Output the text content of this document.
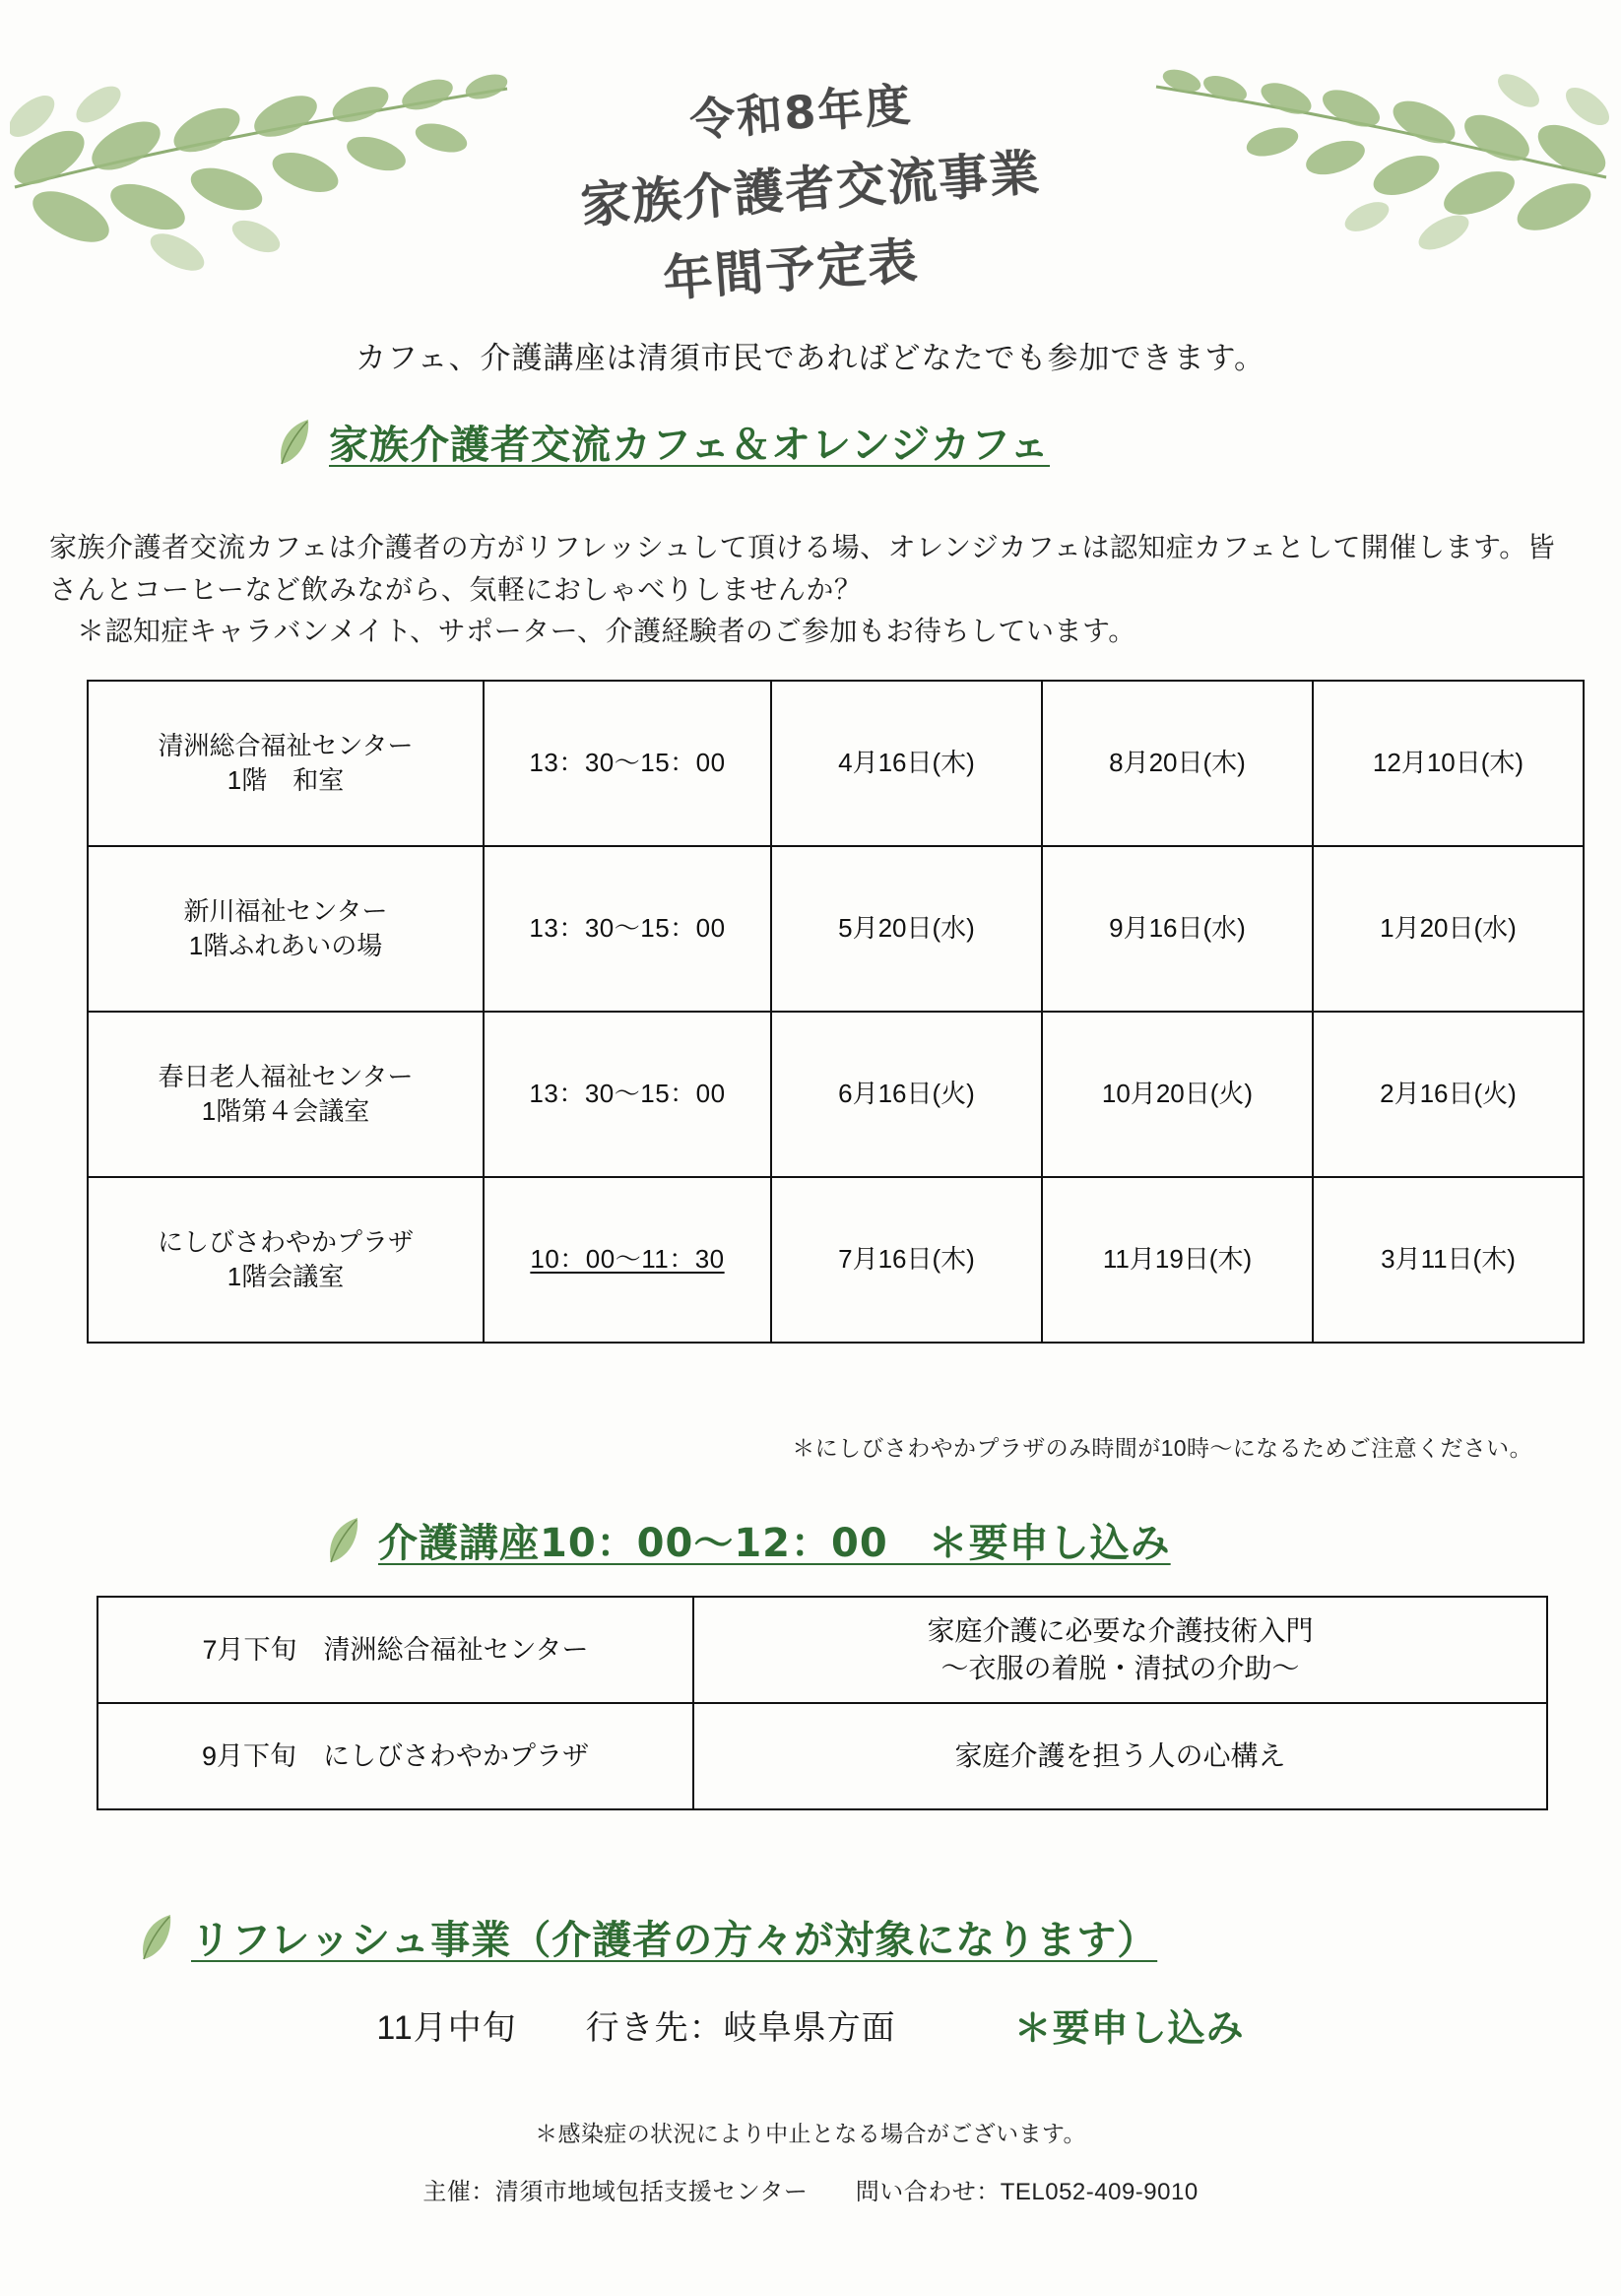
令和8年度
家族介護者交流事業
年間予定表
カフェ、介護講座は清須市民であればどなたでも参加できます。
家族介護者交流カフェ＆オレンジカフェ

家族介護者交流カフェは介護者の方がリフレッシュして頂ける場、オレンジカフェは認知症カフェとして開催します。皆さんとコーヒーなど飲みながら、気軽におしゃべりしませんか？

＊認知症キャラバンメイト、サポーター、介護経験者のご参加もお待ちしています。

清洲総合福祉センター
1階　和室	13：30〜15：00	4月16日(木)	8月20日(木)	12月10日(木)

新川福祉センター
1階ふれあいの場	13：30〜15：00	5月20日(水)	9月16日(水)	1月20日(水)

春日老人福祉センター
1階第４会議室	13：30〜15：00	6月16日(火)	10月20日(火)	2月16日(火)

にしびさわやかプラザ
1階会議室	10：00〜11：30	7月16日(木)	11月19日(木)	3月11日(木)
＊にしびさわやかプラザのみ時間が10時〜になるためご注意ください。
介護講座10：00〜12：00　＊要申し込み
7月下旬　清洲総合福祉センター	家庭介護に必要な介護技術入門
〜衣服の着脱・清拭の介助〜

9月下旬　にしびさわやかプラザ	家庭介護を担う人の心構え
リフレッシュ事業（介護者の方々が対象になります）
11月中旬　　行き先：岐阜県方面	＊要申し込み
＊感染症の状況により中止となる場合がございます。
主催：清須市地域包括支援センター 問い合わせ：TEL052-409-9010
